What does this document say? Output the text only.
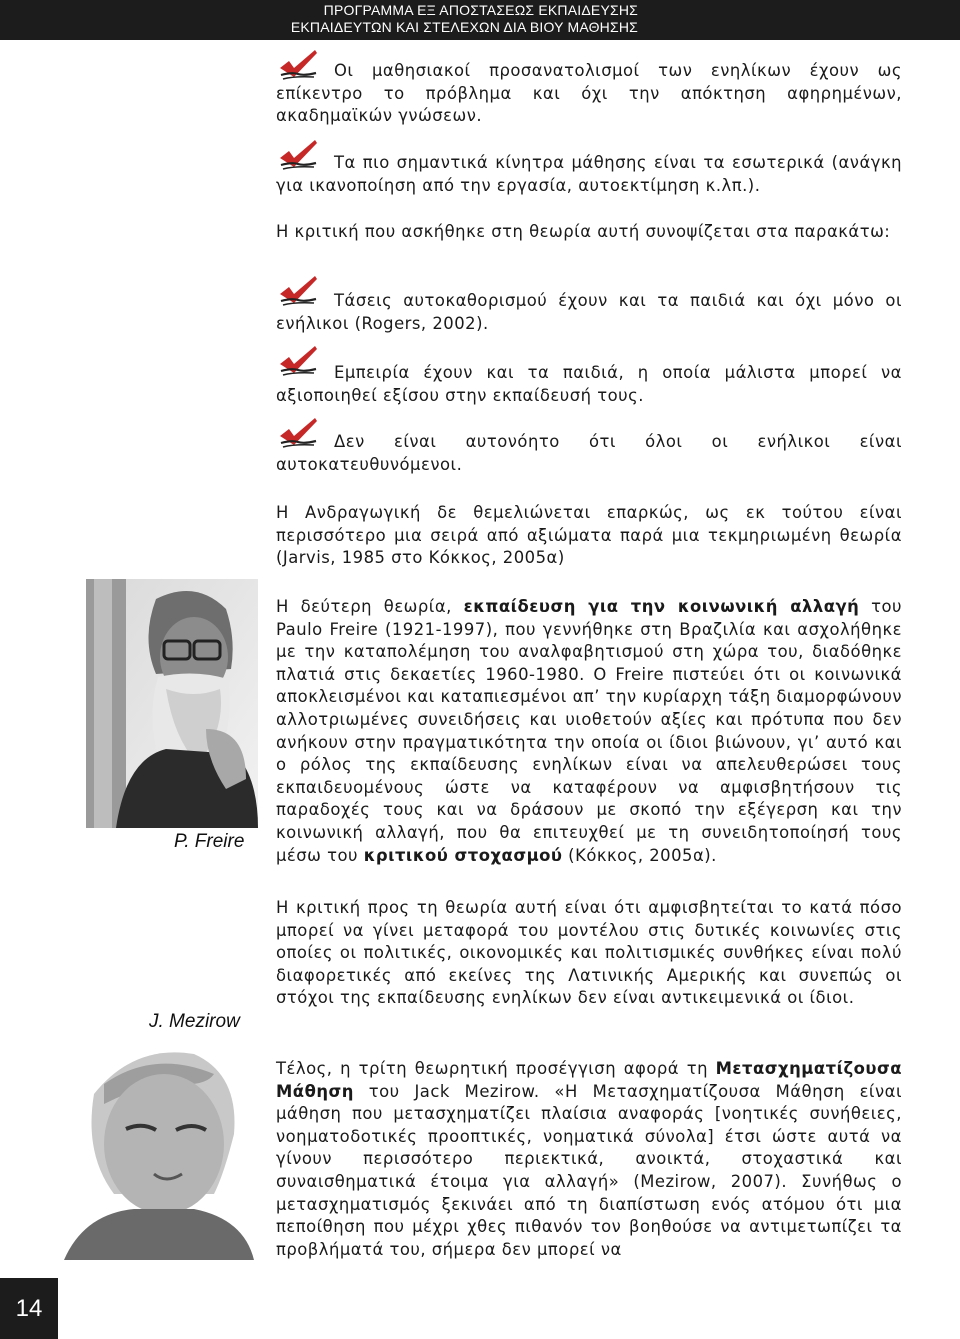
ΠΡΟΓΡΑΜΜΑ ΕΞ ΑΠΟΣΤΑΣΕΩΣ ΕΚΠΑΙΔΕΥΣΗΣ
ΕΚΠΑΙΔΕΥΤΩΝ ΚΑΙ ΣΤΕΛΕΧΩΝ ΔΙΑ ΒΙΟΥ ΜΑΘΗΣΗΣ

Οι μαθησιακοί προσανατολισμοί των ενηλίκων έχουν ως επίκεντρο το πρόβλημα και όχι την απόκτηση αφηρημένων, ακαδημαϊκών γνώσεων.

Τα πιο σημαντικά κίνητρα μάθησης είναι τα εσωτερικά (ανάγκη για ικανοποίηση από την εργασία, αυτοεκτίμηση κ.λπ.).

Η κριτική που ασκήθηκε στη θεωρία αυτή συνοψίζεται στα παρακάτω:

Τάσεις αυτοκαθορισμού έχουν και τα παιδιά και όχι μόνο οι ενήλικοι (Rogers, 2002).

Εμπειρία έχουν και τα παιδιά, η οποία μάλιστα μπορεί να αξιοποιηθεί εξίσου στην εκπαίδευσή τους.

Δεν είναι αυτονόητο ότι όλοι οι ενήλικοι είναι αυτοκατευθυνόμενοι.

Η Ανδραγωγική δε θεμελιώνεται επαρκώς, ως εκ τούτου είναι περισσότερο μια σειρά από αξιώματα παρά μια τεκμηριωμένη θεωρία (Jarvis, 1985 στο Κόκκος, 2005α)

Η δεύτερη θεωρία, εκπαίδευση για την κοινωνική αλλαγή του Paulo Freire (1921-1997), που γεννήθηκε στη Βραζιλία και ασχολήθηκε με την καταπολέμηση του αναλφαβητισμού στη χώρα του, διαδόθηκε πλατιά στις δεκαετίες 1960-1980. Ο Freire πιστεύει ότι οι κοινωνικά αποκλεισμένοι και καταπιεσμένοι απ’ την κυρίαρχη τάξη διαμορφώνουν αλλοτριωμένες συνειδήσεις και υιοθετούν αξίες και πρότυπα που δεν ανήκουν στην πραγματικότητα την οποία οι ίδιοι βιώνουν, γι’ αυτό και ο ρόλος της εκπαίδευσης ενηλίκων είναι να απελευθερώσει τους εκπαιδευομένους ώστε να καταφέρουν να αμφισβητήσουν τις παραδοχές τους και να δράσουν με σκοπό την εξέγερση και την κοινωνική αλλαγή, που θα επιτευχθεί με τη συνειδητοποίησή τους μέσω του κριτικού στοχασμού (Κόκκος, 2005α).

Η κριτική προς τη θεωρία αυτή είναι ότι αμφισβητείται το κατά πόσο μπορεί να γίνει μεταφορά του μοντέλου στις δυτικές κοινωνίες στις οποίες οι πολιτικές, οικονομικές και πολιτισμικές συνθήκες είναι πολύ διαφορετικές από εκείνες της Λατινικής Αμερικής και συνεπώς οι στόχοι της εκπαίδευσης ενηλίκων δεν είναι αντικειμενικά οι ίδιοι.

Τέλος, η τρίτη θεωρητική προσέγγιση αφορά τη Μετασχηματίζουσα Μάθηση του Jack Mezirow. «Η Μετασχηματίζουσα Μάθηση είναι μάθηση που μετασχηματίζει πλαίσια αναφοράς [νοητικές συνήθειες, νοηματοδοτικές προοπτικές, νοηματικά σύνολα] έτσι ώστε αυτά να γίνουν περισσότερο περιεκτικά, ανοικτά, στοχαστικά και συναισθηματικά έτοιμα για αλλαγή» (Mezirow, 2007). Συνήθως ο μετασχηματισμός ξεκινάει από τη διαπίστωση ενός ατόμου ότι μια πεποίθηση που μέχρι χθες πιθανόν τον βοηθούσε να αντιμετωπίζει τα προβλήματά του, σήμερα δεν μπορεί να

P. Freire
J. Mezirow
14
